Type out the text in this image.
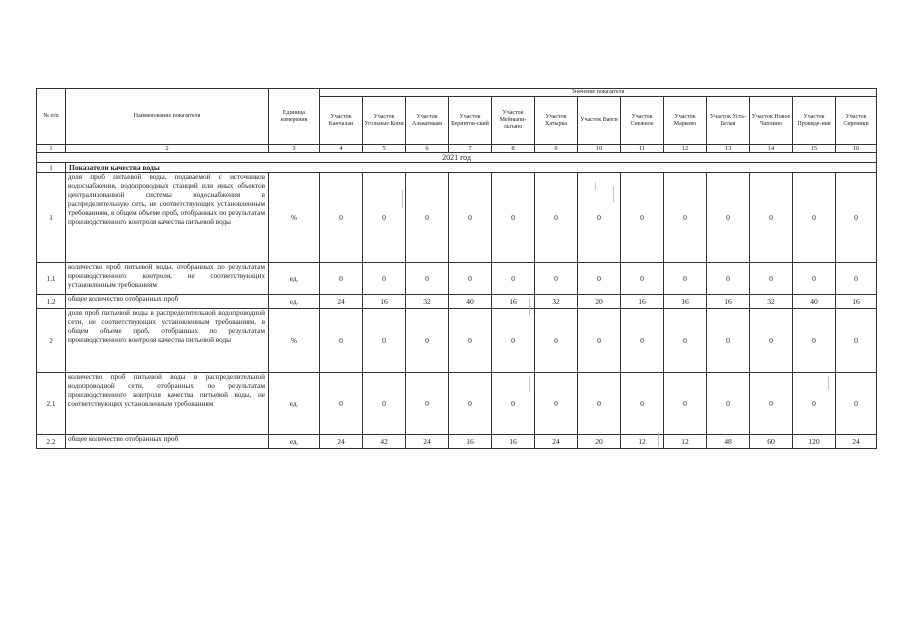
№ п/п	Наименование показателя	Единица измерения	Значение показателя												
			Участок Канчалан	Участок Угольные Копи	Участок Алькатваам	Участок Берингов-ский	Участок Мейныпи-льгыно	Участок Хатырка	Участок Ваеги	Участок Снежное	Участок Марково	Участок Усть-Белая	Участок Новое Чаплино	Участок Провиде-ния	Участок Сиреники
1	2	3	4	5	6	7	8	9	10	11	12	13	14	15	16
2021 год															
1	Показатели качества воды														
1	доля проб питьевой воды, подаваемой с источников водоснабжения, водопроводных станций или иных объектов централизованной системы водоснабжения в распределительную сеть, не соответствующих установленным требованиям, в общем объеме проб, отобранных по результатам производственного контроля качества питьевой воды	%	0	0	0	0	0	0	0	0	0	0	0	0	0
1.1	количество проб питьевой воды, отобранных по результатам производственного контроля, не соответствующих установленным требованиям	ед.	0	0	0	0	0	0	0	0	0	0	0	0	0
1.2	общее количество отобранных проб	ед.	24	16	32	40	16	32	20	16	16	16	32	40	16
2	доля проб питьевой воды в распределительной водопроводной сети, не соответствующих установленным требованиям, в общем объеме проб, отобранных по результатам производственного контроля качества питьевой воды	%	0	0	0	0	0	0	0	0	0	0	0	0	0
2.1	количество проб питьевой воды в распределительной водопроводной сети, отобранных по результатам производственного контроля качества питьевой воды, не соответствующих установленным требованиям	ед.	0	0	0	0	0	0	0	0	0	0	0	0	0
2.2	общее количество отобранных проб	ед.	24	42	24	16	16	24	20	12	12	48	60	120	24
